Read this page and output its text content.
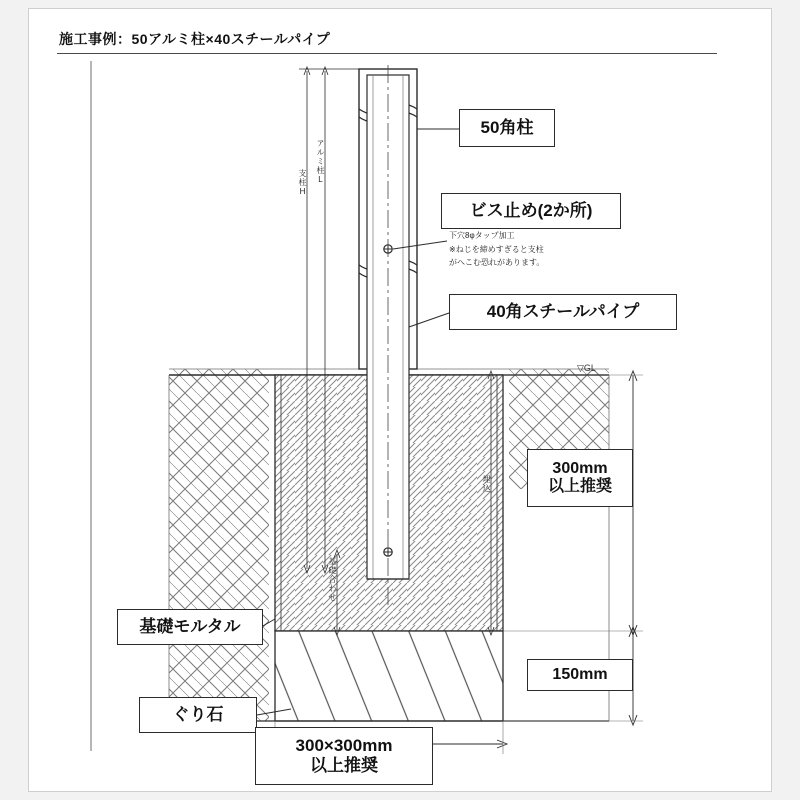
施工事例：50アルミ柱×40スチールパイプ
▽GL
支柱H アルミ柱L
基礎合わせ
埋込
下穴8φタップ加工
※ねじを締めすぎると支柱
がへこむ恐れがあります。
50角柱
ビス止め(2か所)
40角スチールパイプ
基礎モルタル
ぐり石
300mm
以上推奨
150mm
300×300mm
以上推奨
